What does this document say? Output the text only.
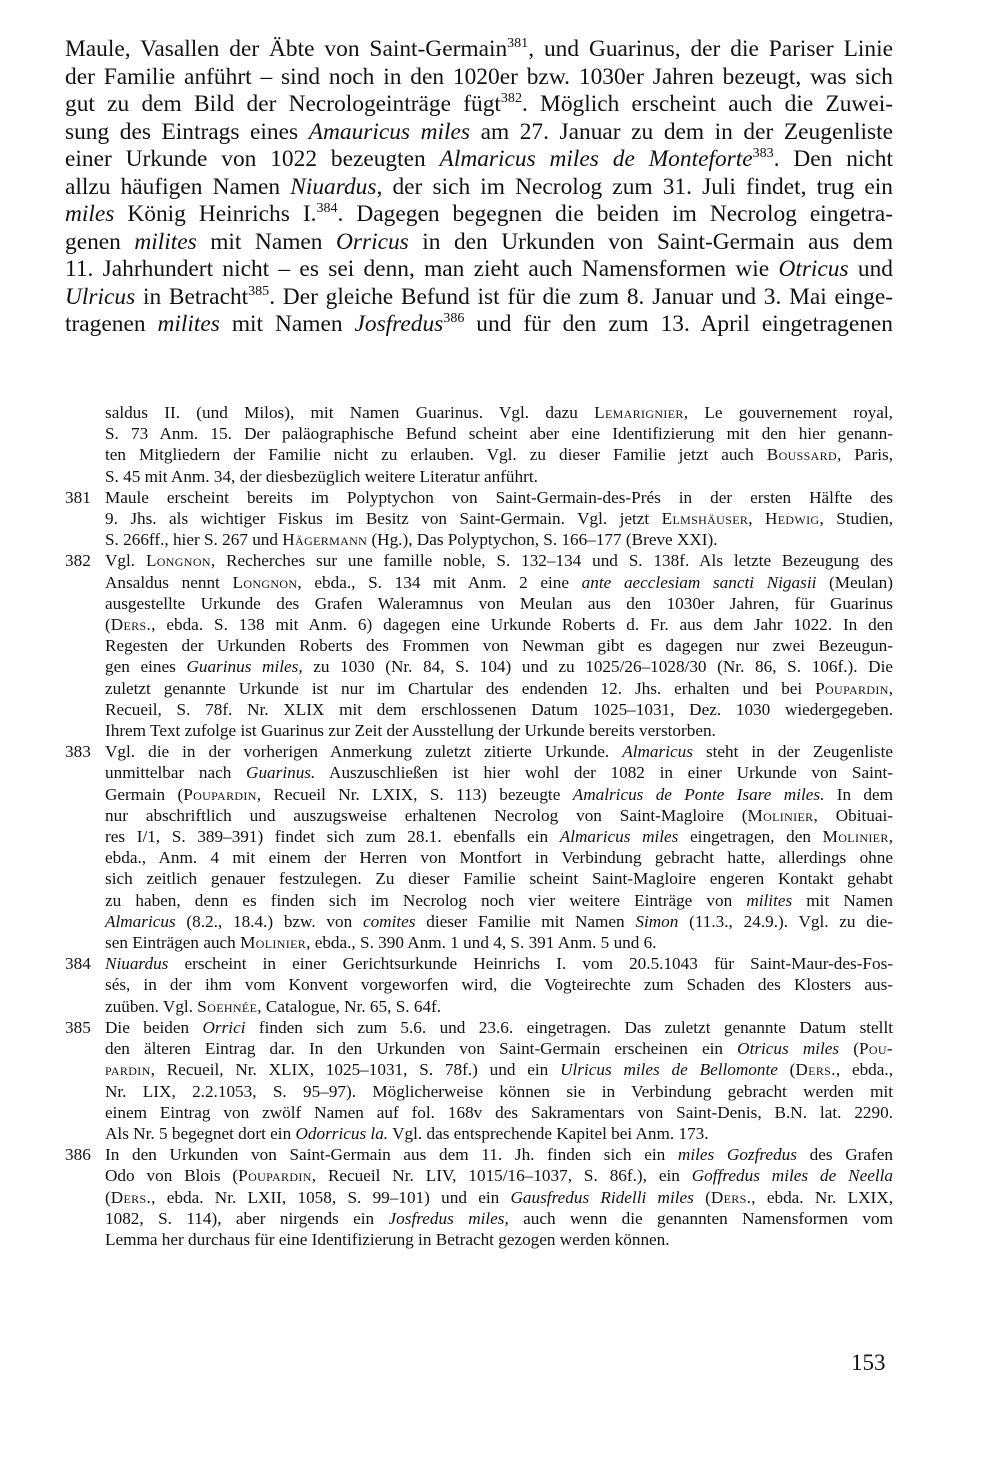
Maule, Vasallen der Äbte von Saint-Germain$^{381}$, und Guarinus, der die Pariser Linie
der Familie anführt – sind noch in den 1020er bzw. 1030er Jahren bezeugt, was sich
gut zu dem Bild der Necrologeinträge fügt$^{382}$. Möglich erscheint auch die Zuwei-
sung des Eintrags eines Amauricus miles am 27. Januar zu dem in der Zeugenliste
einer Urkunde von 1022 bezeugten Almaricus miles de Monteforte$^{383}$. Den nicht
allzu häufigen Namen Niuardus, der sich im Necrolog zum 31. Juli findet, trug ein
miles König Heinrichs I.$^{384}$. Dagegen begegnen die beiden im Necrolog eingetra-
genen milites mit Namen Orricus in den Urkunden von Saint-Germain aus dem
11. Jahrhundert nicht – es sei denn, man zieht auch Namensformen wie Otricus und
Ulricus in Betracht$^{385}$. Der gleiche Befund ist für die zum 8. Januar und 3. Mai einge-
tragenen milites mit Namen Josfredus$^{386}$ und für den zum 13. April eingetragenen
saldus II. (und Milos), mit Namen Guarinus. Vgl. dazu Lemarignier, Le gouvernement royal,
S. 73 Anm. 15. Der paläographische Befund scheint aber eine Identifizierung mit den hier genann-
ten Mitgliedern der Familie nicht zu erlauben. Vgl. zu dieser Familie jetzt auch Boussard, Paris,
S. 45 mit Anm. 34, der diesbezüglich weitere Literatur anführt.
381 Maule erscheint bereits im Polyptychon von Saint-Germain-des-Prés in der ersten Hälfte des
9. Jhs. als wichtiger Fiskus im Besitz von Saint-Germain. Vgl. jetzt Elmshäuser, Hedwig, Studien,
S. 266ff., hier S. 267 und Hägermann (Hg.), Das Polyptychon, S. 166–177 (Breve XXI).
382 Vgl. Longnon, Recherches sur une famille noble, S. 132–134 und S. 138f. Als letzte Bezeugung des
Ansaldus nennt Longnon, ebda., S. 134 mit Anm. 2 eine ante aecclesiam sancti Nigasii (Meulan)
ausgestellte Urkunde des Grafen Waleramnus von Meulan aus den 1030er Jahren, für Guarinus
(Ders., ebda. S. 138 mit Anm. 6) dagegen eine Urkunde Roberts d. Fr. aus dem Jahr 1022. In den
Regesten der Urkunden Roberts des Frommen von Newman gibt es dagegen nur zwei Bezeugun-
gen eines Guarinus miles, zu 1030 (Nr. 84, S. 104) und zu 1025/26–1028/30 (Nr. 86, S. 106f.). Die
zuletzt genannte Urkunde ist nur im Chartular des endenden 12. Jhs. erhalten und bei Poupardin,
Recueil, S. 78f. Nr. XLIX mit dem erschlossenen Datum 1025–1031, Dez. 1030 wiedergegeben.
Ihrem Text zufolge ist Guarinus zur Zeit der Ausstellung der Urkunde bereits verstorben.
383 Vgl. die in der vorherigen Anmerkung zuletzt zitierte Urkunde. Almaricus steht in der Zeugenliste
unmittelbar nach Guarinus. Auszuschließen ist hier wohl der 1082 in einer Urkunde von Saint-
Germain (Poupardin, Recueil Nr. LXIX, S. 113) bezeugte Amalricus de Ponte Isare miles. In dem
nur abschriftlich und auszugsweise erhaltenen Necrolog von Saint-Magloire (Molinier, Obituai-
res I/1, S. 389–391) findet sich zum 28.1. ebenfalls ein Almaricus miles eingetragen, den Molinier,
ebda., Anm. 4 mit einem der Herren von Montfort in Verbindung gebracht hatte, allerdings ohne
sich zeitlich genauer festzulegen. Zu dieser Familie scheint Saint-Magloire engeren Kontakt gehabt
zu haben, denn es finden sich im Necrolog noch vier weitere Einträge von milites mit Namen
Almaricus (8.2., 18.4.) bzw. von comites dieser Familie mit Namen Simon (11.3., 24.9.). Vgl. zu die-
sen Einträgen auch Molinier, ebda., S. 390 Anm. 1 und 4, S. 391 Anm. 5 und 6.
384 Niuardus erscheint in einer Gerichtsurkunde Heinrichs I. vom 20.5.1043 für Saint-Maur-des-Fos-
sés, in der ihm vom Konvent vorgeworfen wird, die Vogteirechte zum Schaden des Klosters aus-
zuüben. Vgl. Soehnée, Catalogue, Nr. 65, S. 64f.
385 Die beiden Orrici finden sich zum 5.6. und 23.6. eingetragen. Das zuletzt genannte Datum stellt
den älteren Eintrag dar. In den Urkunden von Saint-Germain erscheinen ein Otricus miles (Pou-
pardin, Recueil, Nr. XLIX, 1025–1031, S. 78f.) und ein Ulricus miles de Bellomonte (Ders., ebda.,
Nr. LIX, 2.2.1053, S. 95–97). Möglicherweise können sie in Verbindung gebracht werden mit
einem Eintrag von zwölf Namen auf fol. 168v des Sakramentars von Saint-Denis, B.N. lat. 2290.
Als Nr. 5 begegnet dort ein Odorricus la. Vgl. das entsprechende Kapitel bei Anm. 173.
386 In den Urkunden von Saint-Germain aus dem 11. Jh. finden sich ein miles Gozfredus des Grafen
Odo von Blois (Poupardin, Recueil Nr. LIV, 1015/16–1037, S. 86f.), ein Goffredus miles de Neella
(Ders., ebda. Nr. LXII, 1058, S. 99–101) und ein Gausfredus Ridelli miles (Ders., ebda. Nr. LXIX,
1082, S. 114), aber nirgends ein Josfredus miles, auch wenn die genannten Namensformen vom
Lemma her durchaus für eine Identifizierung in Betracht gezogen werden können.
153
